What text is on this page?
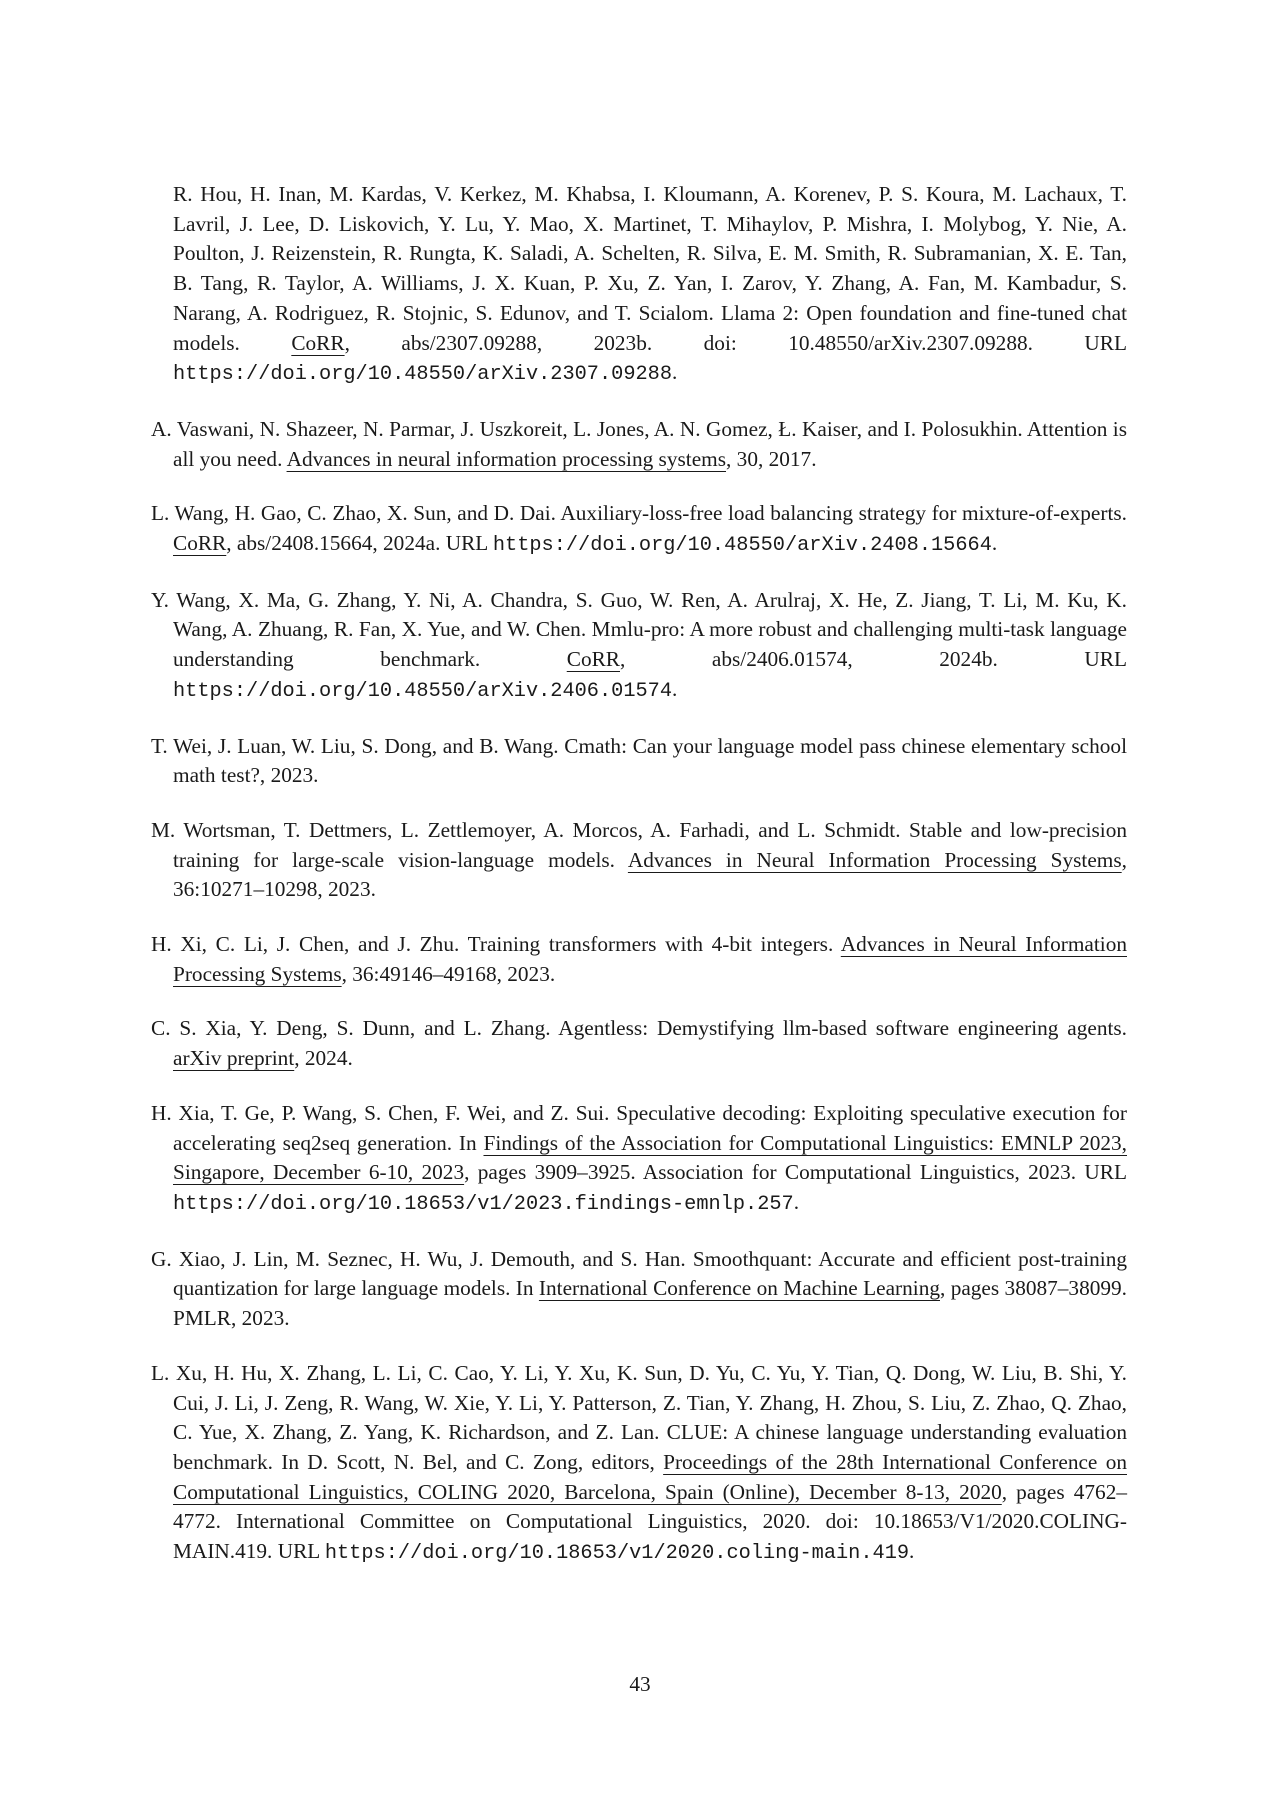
R. Hou, H. Inan, M. Kardas, V. Kerkez, M. Khabsa, I. Kloumann, A. Korenev, P. S. Koura, M. Lachaux, T. Lavril, J. Lee, D. Liskovich, Y. Lu, Y. Mao, X. Martinet, T. Mihaylov, P. Mishra, I. Molybog, Y. Nie, A. Poulton, J. Reizenstein, R. Rungta, K. Saladi, A. Schelten, R. Silva, E. M. Smith, R. Subramanian, X. E. Tan, B. Tang, R. Taylor, A. Williams, J. X. Kuan, P. Xu, Z. Yan, I. Zarov, Y. Zhang, A. Fan, M. Kambadur, S. Narang, A. Rodriguez, R. Stojnic, S. Edunov, and T. Scialom. Llama 2: Open foundation and fine-tuned chat models. CoRR, abs/2307.09288, 2023b. doi: 10.48550/arXiv.2307.09288. URL https://doi.org/10.48550/arXiv.2307.09288.

A. Vaswani, N. Shazeer, N. Parmar, J. Uszkoreit, L. Jones, A. N. Gomez, Ł. Kaiser, and I. Polosukhin. Attention is all you need. Advances in neural information processing systems, 30, 2017.

L. Wang, H. Gao, C. Zhao, X. Sun, and D. Dai. Auxiliary-loss-free load balancing strategy for mixture-of-experts. CoRR, abs/2408.15664, 2024a. URL https://doi.org/10.48550/arXiv.2408.15664.

Y. Wang, X. Ma, G. Zhang, Y. Ni, A. Chandra, S. Guo, W. Ren, A. Arulraj, X. He, Z. Jiang, T. Li, M. Ku, K. Wang, A. Zhuang, R. Fan, X. Yue, and W. Chen. Mmlu-pro: A more robust and challenging multi-task language understanding benchmark. CoRR, abs/2406.01574, 2024b. URL https://doi.org/10.48550/arXiv.2406.01574.

T. Wei, J. Luan, W. Liu, S. Dong, and B. Wang. Cmath: Can your language model pass chinese elementary school math test?, 2023.

M. Wortsman, T. Dettmers, L. Zettlemoyer, A. Morcos, A. Farhadi, and L. Schmidt. Stable and low-precision training for large-scale vision-language models. Advances in Neural Information Processing Systems, 36:10271–10298, 2023.

H. Xi, C. Li, J. Chen, and J. Zhu. Training transformers with 4-bit integers. Advances in Neural Information Processing Systems, 36:49146–49168, 2023.

C. S. Xia, Y. Deng, S. Dunn, and L. Zhang. Agentless: Demystifying llm-based software engineering agents. arXiv preprint, 2024.

H. Xia, T. Ge, P. Wang, S. Chen, F. Wei, and Z. Sui. Speculative decoding: Exploiting speculative execution for accelerating seq2seq generation. In Findings of the Association for Computational Linguistics: EMNLP 2023, Singapore, December 6-10, 2023, pages 3909–3925. Association for Computational Linguistics, 2023. URL https://doi.org/10.18653/v1/2023.findings-emnlp.257.

G. Xiao, J. Lin, M. Seznec, H. Wu, J. Demouth, and S. Han. Smoothquant: Accurate and efficient post-training quantization for large language models. In International Conference on Machine Learning, pages 38087–38099. PMLR, 2023.

L. Xu, H. Hu, X. Zhang, L. Li, C. Cao, Y. Li, Y. Xu, K. Sun, D. Yu, C. Yu, Y. Tian, Q. Dong, W. Liu, B. Shi, Y. Cui, J. Li, J. Zeng, R. Wang, W. Xie, Y. Li, Y. Patterson, Z. Tian, Y. Zhang, H. Zhou, S. Liu, Z. Zhao, Q. Zhao, C. Yue, X. Zhang, Z. Yang, K. Richardson, and Z. Lan. CLUE: A chinese language understanding evaluation benchmark. In D. Scott, N. Bel, and C. Zong, editors, Proceedings of the 28th International Conference on Computational Linguistics, COLING 2020, Barcelona, Spain (Online), December 8-13, 2020, pages 4762–4772. International Committee on Computational Linguistics, 2020. doi: 10.18653/V1/2020.COLING-MAIN.419. URL https://doi.org/10.18653/v1/2020.coling-main.419.

43
